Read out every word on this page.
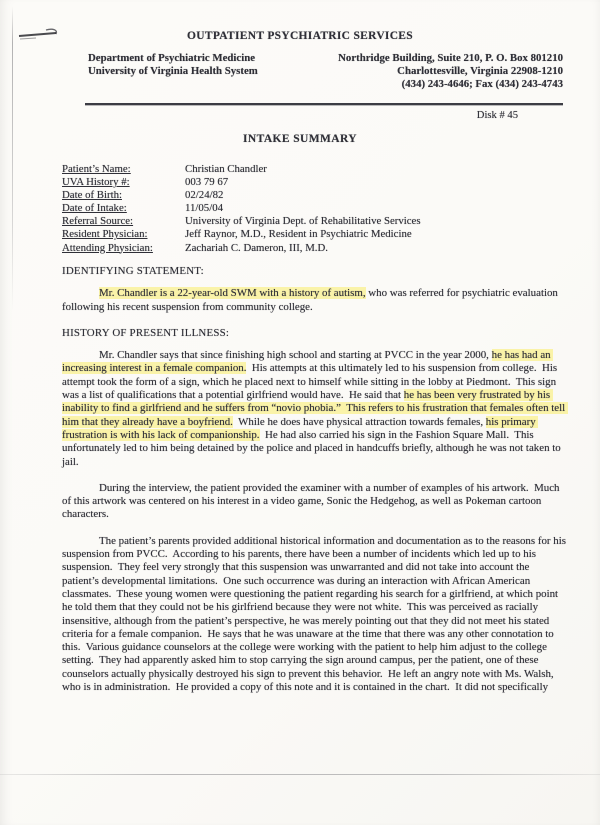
OUTPATIENT PSYCHIATRIC SERVICES
Department of Psychiatric Medicine
University of Virginia Health System
Northridge Building, Suite 210, P. O. Box 801210
Charlottesville, Virginia 22908-1210
(434) 243-4646; Fax (434) 243-4743
Disk # 45
INTAKE SUMMARY
Patient’s Name:	Christian Chandler
UVA History #:	003 79 67
Date of Birth:	02/24/82
Date of Intake:	11/05/04
Referral Source:	University of Virginia Dept. of Rehabilitative Services
Resident Physician:	Jeff Raynor, M.D., Resident in Psychiatric Medicine
Attending Physician:	Zachariah C. Dameron, III, M.D.

IDENTIFYING STATEMENT:

Mr. Chandler is a 22-year-old SWM with a history of autism, who was referred for psychiatric evaluation following his recent suspension from community college.

HISTORY OF PRESENT ILLNESS:

Mr. Chandler says that since finishing high school and starting at PVCC in the year 2000, he has had an increasing interest in a female companion.  His attempts at this ultimately led to his suspension from college.  His attempt took the form of a sign, which he placed next to himself while sitting in the lobby at Piedmont.  This sign was a list of qualifications that a potential girlfriend would have.  He said that he has been very frustrated by his inability to find a girlfriend and he suffers from “novio phobia.”  This refers to his frustration that females often tell him that they already have a boyfriend.  While he does have physical attraction towards females, his primary frustration is with his lack of companionship.  He had also carried his sign in the Fashion Square Mall.  This unfortunately led to him being detained by the police and placed in handcuffs briefly, although he was not taken to jail.

During the interview, the patient provided the examiner with a number of examples of his artwork.  Much of this artwork was centered on his interest in a video game, Sonic the Hedgehog, as well as Pokeman cartoon characters.

The patient’s parents provided additional historical information and documentation as to the reasons for his suspension from PVCC.  According to his parents, there have been a number of incidents which led up to his suspension.  They feel very strongly that this suspension was unwarranted and did not take into account the patient’s developmental limitations.  One such occurrence was during an interaction with African American classmates.  These young women were questioning the patient regarding his search for a girlfriend, at which point he told them that they could not be his girlfriend because they were not white.  This was perceived as racially insensitive, although from the patient’s perspective, he was merely pointing out that they did not meet his stated criteria for a female companion.  He says that he was unaware at the time that there was any other connotation to this.  Various guidance counselors at the college were working with the patient to help him adjust to the college setting.  They had apparently asked him to stop carrying the sign around campus, per the patient, one of these counselors actually physically destroyed his sign to prevent this behavior.  He left an angry note with Ms. Walsh, who is in administration.  He provided a copy of this note and it is contained in the chart.  It did not specifically
